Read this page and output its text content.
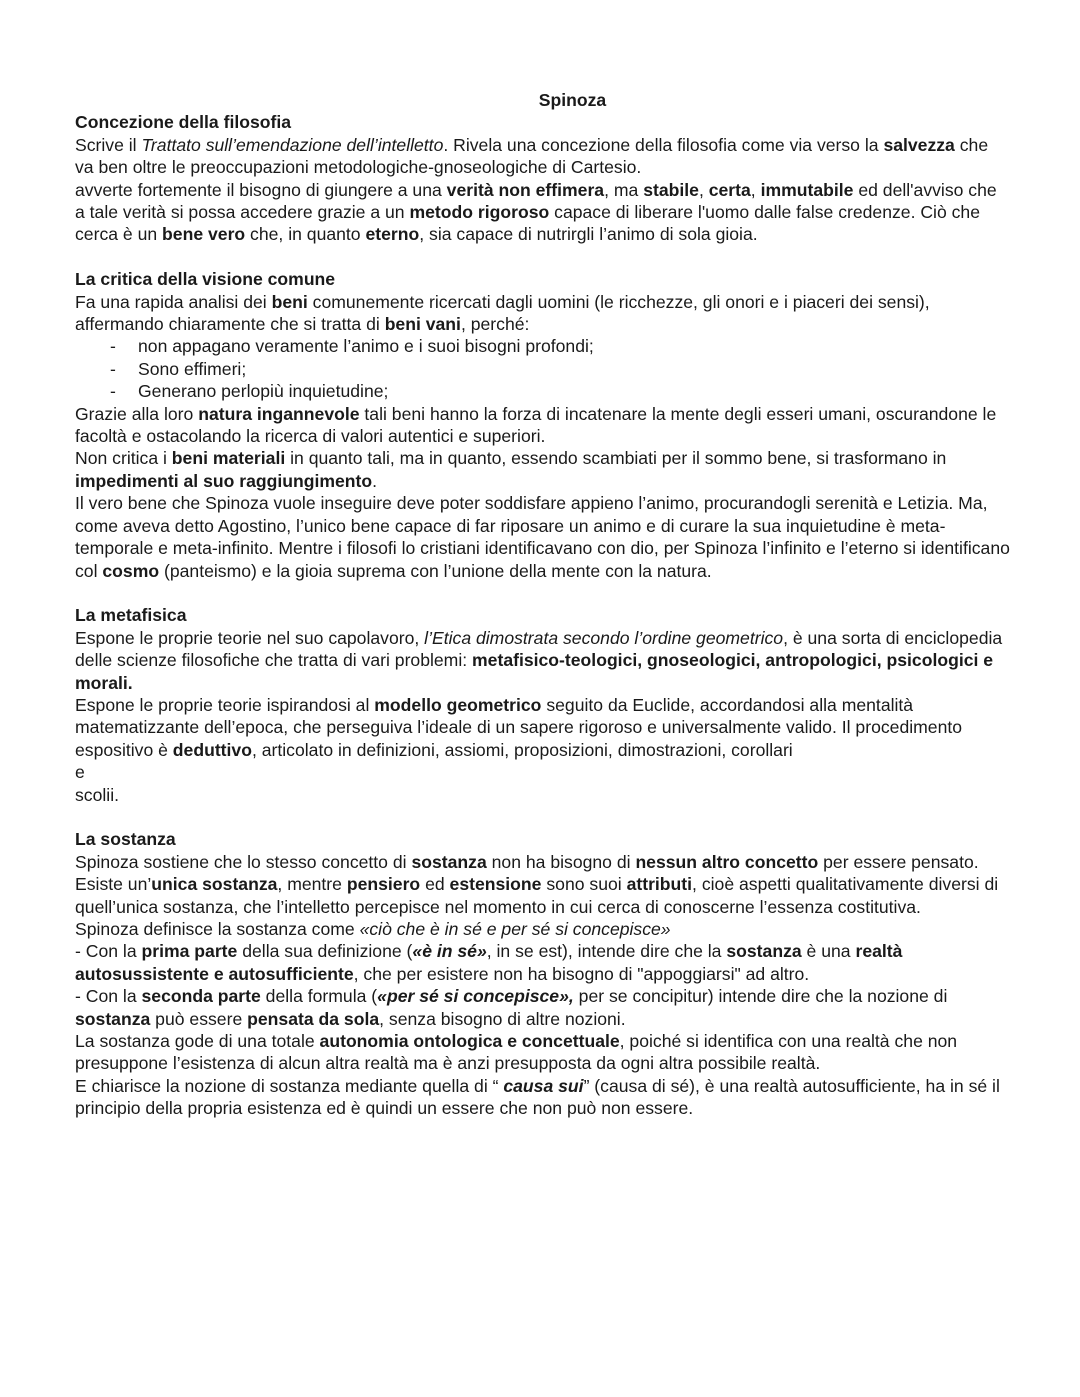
Spinoza

Concezione della filosofia

Scrive il Trattato sull’emendazione dell’intelletto. Rivela una concezione della filosofia come via verso la salvezza che va ben oltre le preoccupazioni metodologiche-gnoseologiche di Cartesio.

avverte fortemente il bisogno di giungere a una verità non effimera, ma stabile, certa, immutabile ed dell'avviso che a tale verità si possa accedere grazie a un metodo rigoroso capace di liberare l'uomo dalle false credenze. Ciò che cerca è un bene vero che, in quanto eterno, sia capace di nutrirgli l’animo di sola gioia.

La critica della visione comune

Fa una rapida analisi dei beni comunemente ricercati dagli uomini (le ricchezze, gli onori e i piaceri dei sensi), affermando chiaramente che si tratta di beni vani, perché:

- non appagano veramente l’animo e i suoi bisogni profondi;
- Sono effimeri;
- Generano perlopiù inquietudine;

Grazie alla loro natura ingannevole tali beni hanno la forza di incatenare la mente degli esseri umani, oscurandone le facoltà e ostacolando la ricerca di valori autentici e superiori.

Non critica i beni materiali in quanto tali, ma in quanto, essendo scambiati per il sommo bene, si trasformano in impedimenti al suo raggiungimento.

Il vero bene che Spinoza vuole inseguire deve poter soddisfare appieno l’animo, procurandogli serenità e Letizia. Ma, come aveva detto Agostino, l’unico bene capace di far riposare un animo e di curare la sua inquietudine è meta-temporale e meta-infinito. Mentre i filosofi lo cristiani identificavano con dio, per Spinoza l’infinito e l’eterno si identificano col cosmo (panteismo) e la gioia suprema con l’unione della mente con la natura.

La metafisica

Espone le proprie teorie nel suo capolavoro, l’Etica dimostrata secondo l’ordine geometrico, è una sorta di enciclopedia delle scienze filosofiche che tratta di vari problemi: metafisico-teologici, gnoseologici, antropologici, psicologici e morali.

Espone le proprie teorie ispirandosi al modello geometrico seguito da Euclide, accordandosi alla mentalità matematizzante dell’epoca, che perseguiva l’ideale di un sapere rigoroso e universalmente valido. Il procedimento espositivo è deduttivo, articolato in definizioni, assiomi, proposizioni, dimostrazioni, corollari

e

scolii.

La sostanza

Spinoza sostiene che lo stesso concetto di sostanza non ha bisogno di nessun altro concetto per essere pensato. Esiste un’unica sostanza, mentre pensiero ed estensione sono suoi attributi, cioè aspetti qualitativamente diversi di quell’unica sostanza, che l’intelletto percepisce nel momento in cui cerca di conoscerne l’essenza costitutiva.

Spinoza definisce la sostanza come «ciò che è in sé e per sé si concepisce»

- Con la prima parte della sua definizione («è in sé», in se est), intende dire che la sostanza è una realtà autosussistente e autosufficiente, che per esistere non ha bisogno di "appoggiarsi" ad altro.

- Con la seconda parte della formula («per sé si concepisce», per se concipitur) intende dire che la nozione di sostanza può essere pensata da sola, senza bisogno di altre nozioni.

La sostanza gode di una totale autonomia ontologica e concettuale, poiché si identifica con una realtà che non presuppone l’esistenza di alcun altra realtà ma è anzi presupposta da ogni altra possibile realtà.

E chiarisce la nozione di sostanza mediante quella di “ causa sui” (causa di sé), è una realtà autosufficiente, ha in sé il principio della propria esistenza ed è quindi un essere che non può non essere.
